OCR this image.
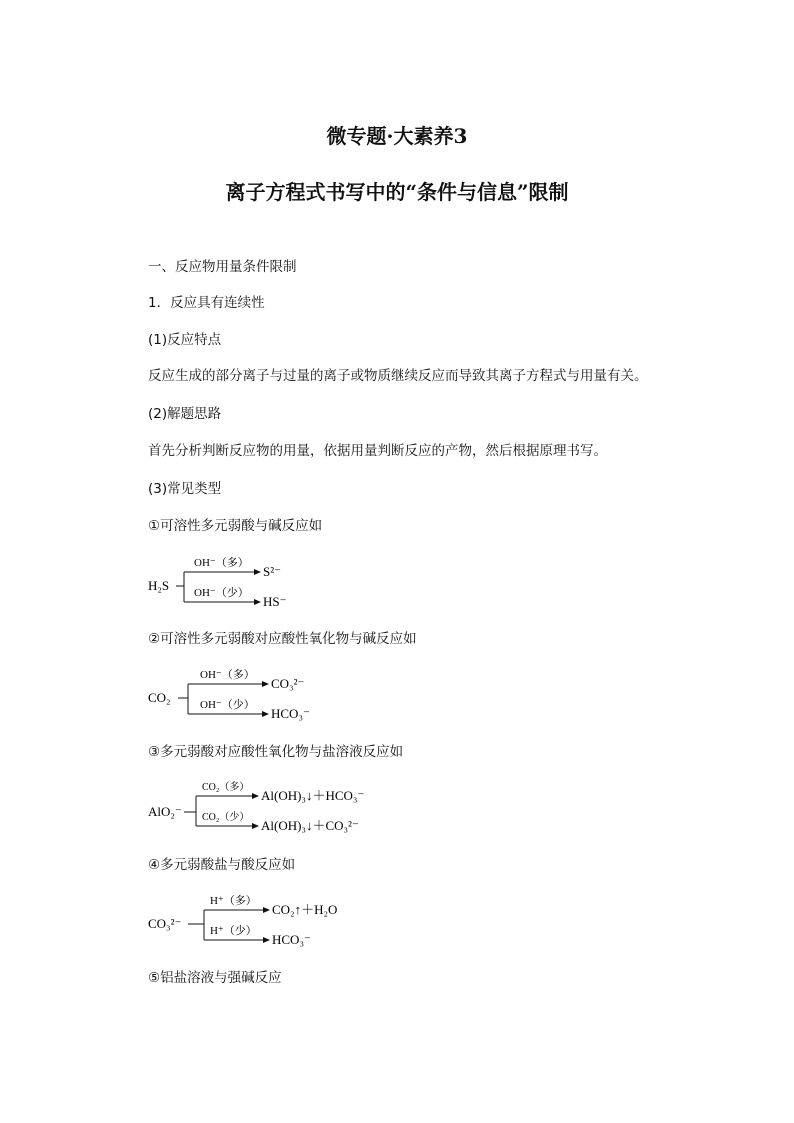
微专题·大素养3
离子方程式书写中的“条件与信息”限制
一、反应物用量条件限制
1．反应具有连续性
(1)反应特点
反应生成的部分离子与过量的离子或物质继续反应而导致其离子方程式与用量有关。
(2)解题思路
首先分析判断反应物的用量，依据用量判断反应的产物，然后根据原理书写。
(3)常见类型
①可溶性多元弱酸与碱反应如
H₂S
OH⁻（多）
OH⁻（少）
S²⁻
HS⁻
②可溶性多元弱酸对应酸性氧化物与碱反应如
CO₂
OH⁻（多）
OH⁻（少）
CO₃²⁻
HCO₃⁻
③多元弱酸对应酸性氧化物与盐溶液反应如
AlO₂⁻
CO₂（多）
CO₂（少）
Al(OH)₃↓＋HCO₃⁻
Al(OH)₃↓＋CO₃²⁻
④多元弱酸盐与酸反应如
CO₃²⁻
H⁺（多）
H⁺（少）
CO₂↑＋H₂O
HCO₃⁻
⑤铝盐溶液与强碱反应
